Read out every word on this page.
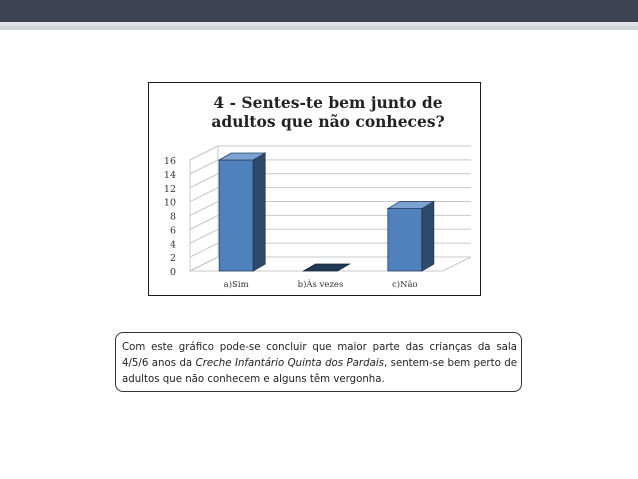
4 - Sentes-te bem junto de
adultos que não conheces?
0
2
4
6
8
10
12
14
16
a)Sim	b)Às vezes	c)Não
Com este gráfico pode-se concluir que maior parte das crianças da sala 4/5/6 anos da Creche Infantário Quinta dos Pardais, sentem-se bem perto de adultos que não conhecem e alguns têm vergonha.
